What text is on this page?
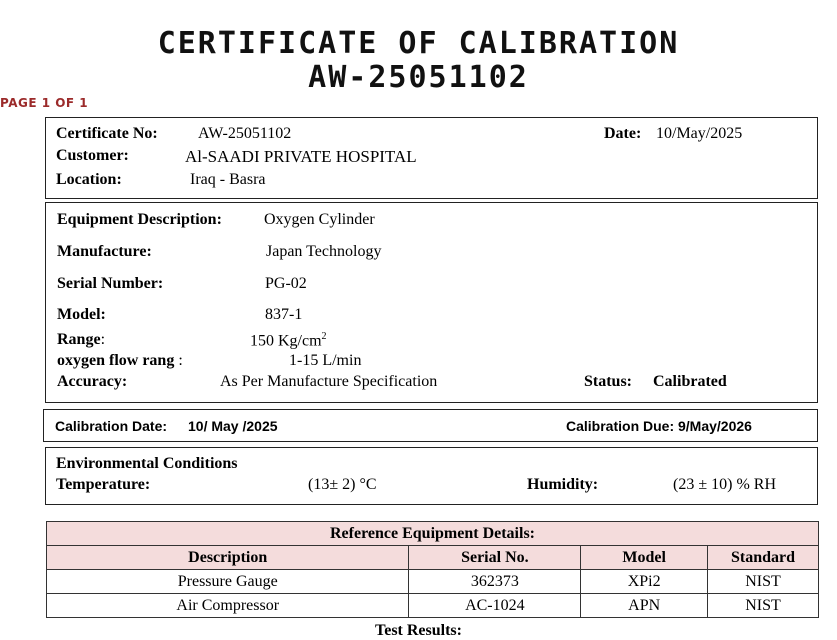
CERTIFICATE OF CALIBRATION
AW-25051102
PAGE 1 OF 1
Certificate No:	AW-25051102	Date: 10/May/2025
Customer:	Al-SAADI PRIVATE HOSPITAL
Location:	Iraq - Basra
Equipment Description:	Oxygen Cylinder
Manufacture:	Japan Technology
Serial Number:	PG-02
Model:	837-1
Range:	150 $Kg/cm^2$
oxygen flow rang :	1-15 L/min
Accuracy:	As Per Manufacture Specification	Status: Calibrated
Calibration Date: 10/ May /2025	Calibration Due: 9/May/2026
Environmental Conditions
Temperature:	(13± 2) °C	Humidity:	(23 ± 10) % RH
Reference Equipment Details:			
Description	Serial No.	Model	Standard
Pressure Gauge	362373	XPi2	NIST
Air Compressor	AC-1024	APN	NIST
Test Results:
